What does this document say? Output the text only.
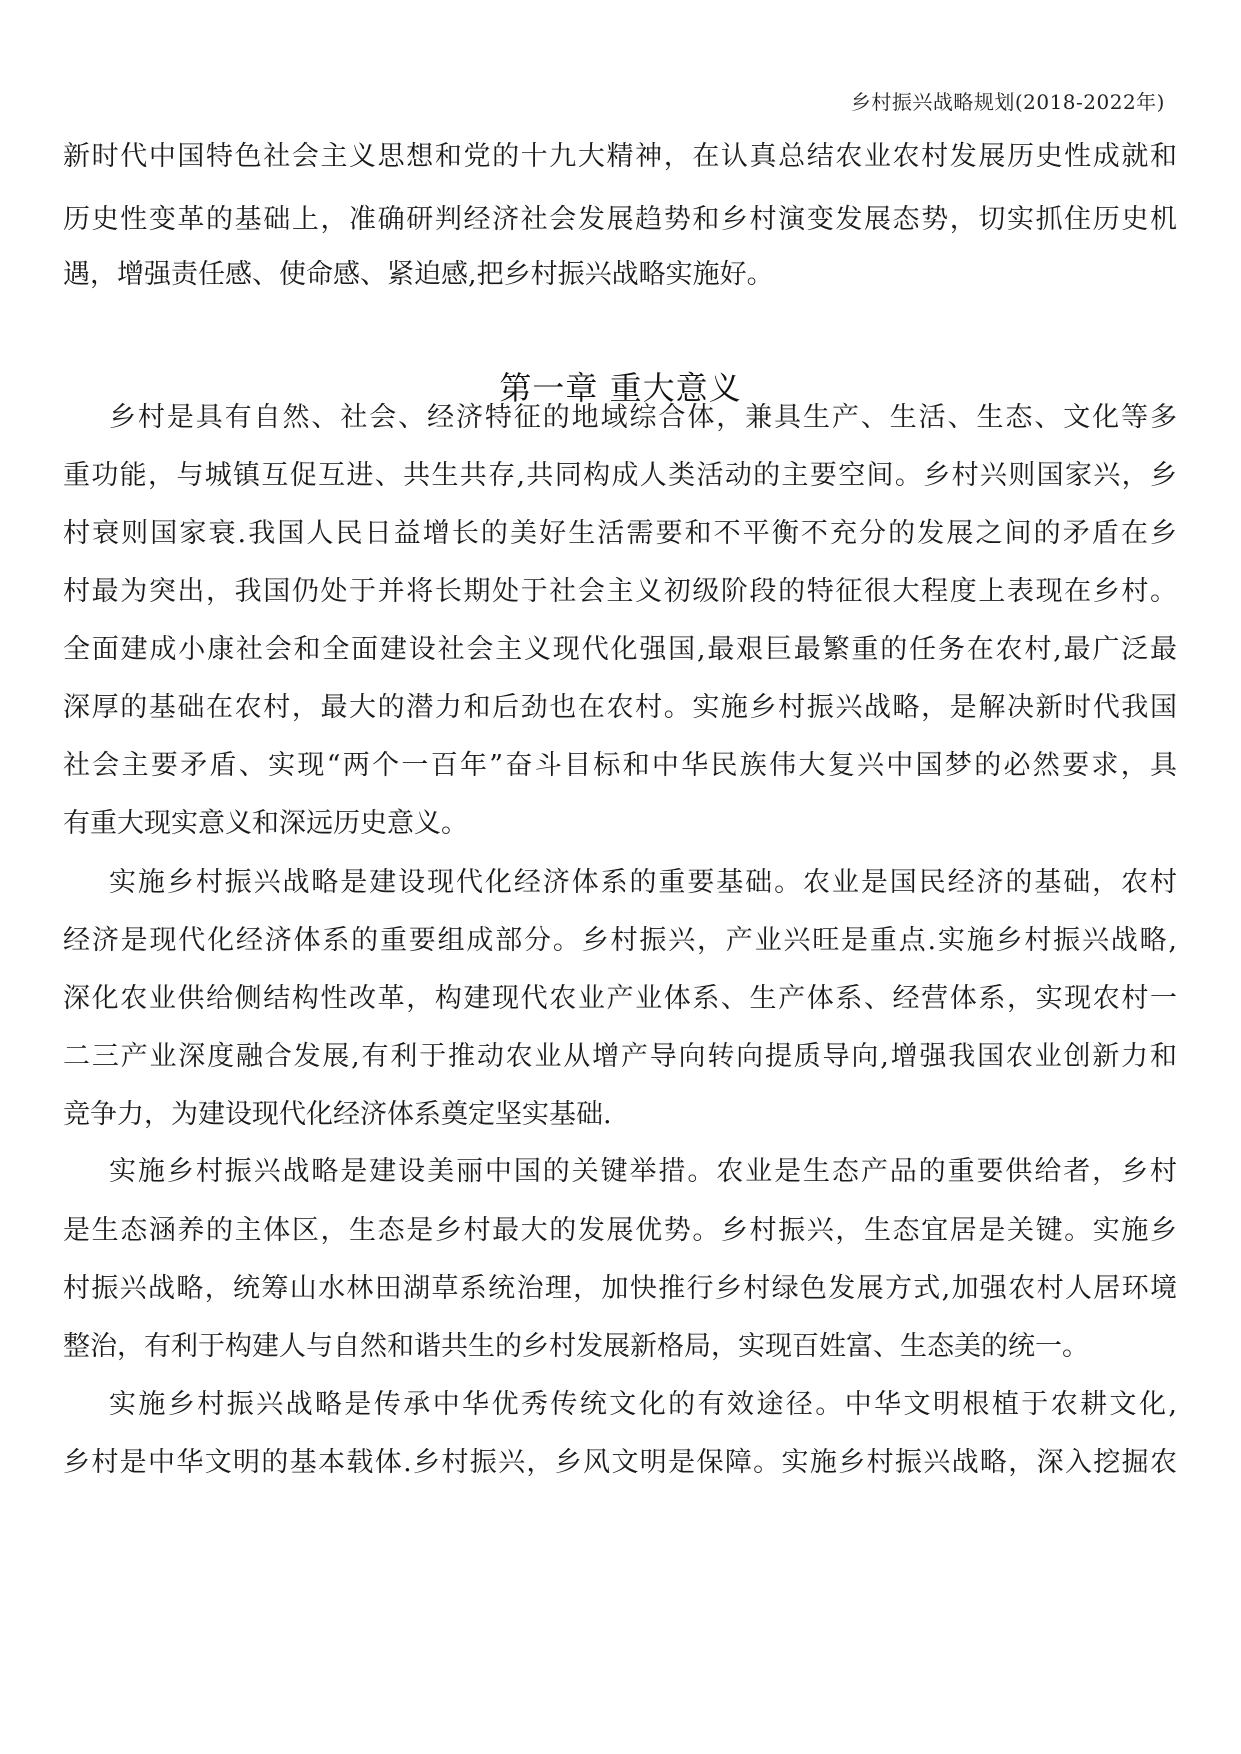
乡村振兴战略规划(2018-2022年)
新时代中国特色社会主义思想和党的十九大精神，在认真总结农业农村发展历史性成就和
历史性变革的基础上，准确研判经济社会发展趋势和乡村演变发展态势，切实抓住历史机
遇，增强责任感、使命感、紧迫感,把乡村振兴战略实施好。
第一章 重大意义
乡村是具有自然、社会、经济特征的地域综合体，兼具生产、生活、生态、文化等多
重功能，与城镇互促互进、共生共存,共同构成人类活动的主要空间。乡村兴则国家兴，乡
村衰则国家衰.我国人民日益增长的美好生活需要和不平衡不充分的发展之间的矛盾在乡
村最为突出，我国仍处于并将长期处于社会主义初级阶段的特征很大程度上表现在乡村。
全面建成小康社会和全面建设社会主义现代化强国,最艰巨最繁重的任务在农村,最广泛最
深厚的基础在农村，最大的潜力和后劲也在农村。实施乡村振兴战略，是解决新时代我国
社会主要矛盾、实现“两个一百年”奋斗目标和中华民族伟大复兴中国梦的必然要求，具
有重大现实意义和深远历史意义。
实施乡村振兴战略是建设现代化经济体系的重要基础。农业是国民经济的基础，农村
经济是现代化经济体系的重要组成部分。乡村振兴，产业兴旺是重点.实施乡村振兴战略,
深化农业供给侧结构性改革，构建现代农业产业体系、生产体系、经营体系，实现农村一
二三产业深度融合发展,有利于推动农业从增产导向转向提质导向,增强我国农业创新力和
竞争力，为建设现代化经济体系奠定坚实基础.
实施乡村振兴战略是建设美丽中国的关键举措。农业是生态产品的重要供给者，乡村
是生态涵养的主体区，生态是乡村最大的发展优势。乡村振兴，生态宜居是关键。实施乡
村振兴战略，统筹山水林田湖草系统治理，加快推行乡村绿色发展方式,加强农村人居环境
整治，有利于构建人与自然和谐共生的乡村发展新格局，实现百姓富、生态美的统一。
实施乡村振兴战略是传承中华优秀传统文化的有效途径。中华文明根植于农耕文化,
乡村是中华文明的基本载体.乡村振兴，乡风文明是保障。实施乡村振兴战略，深入挖掘农
